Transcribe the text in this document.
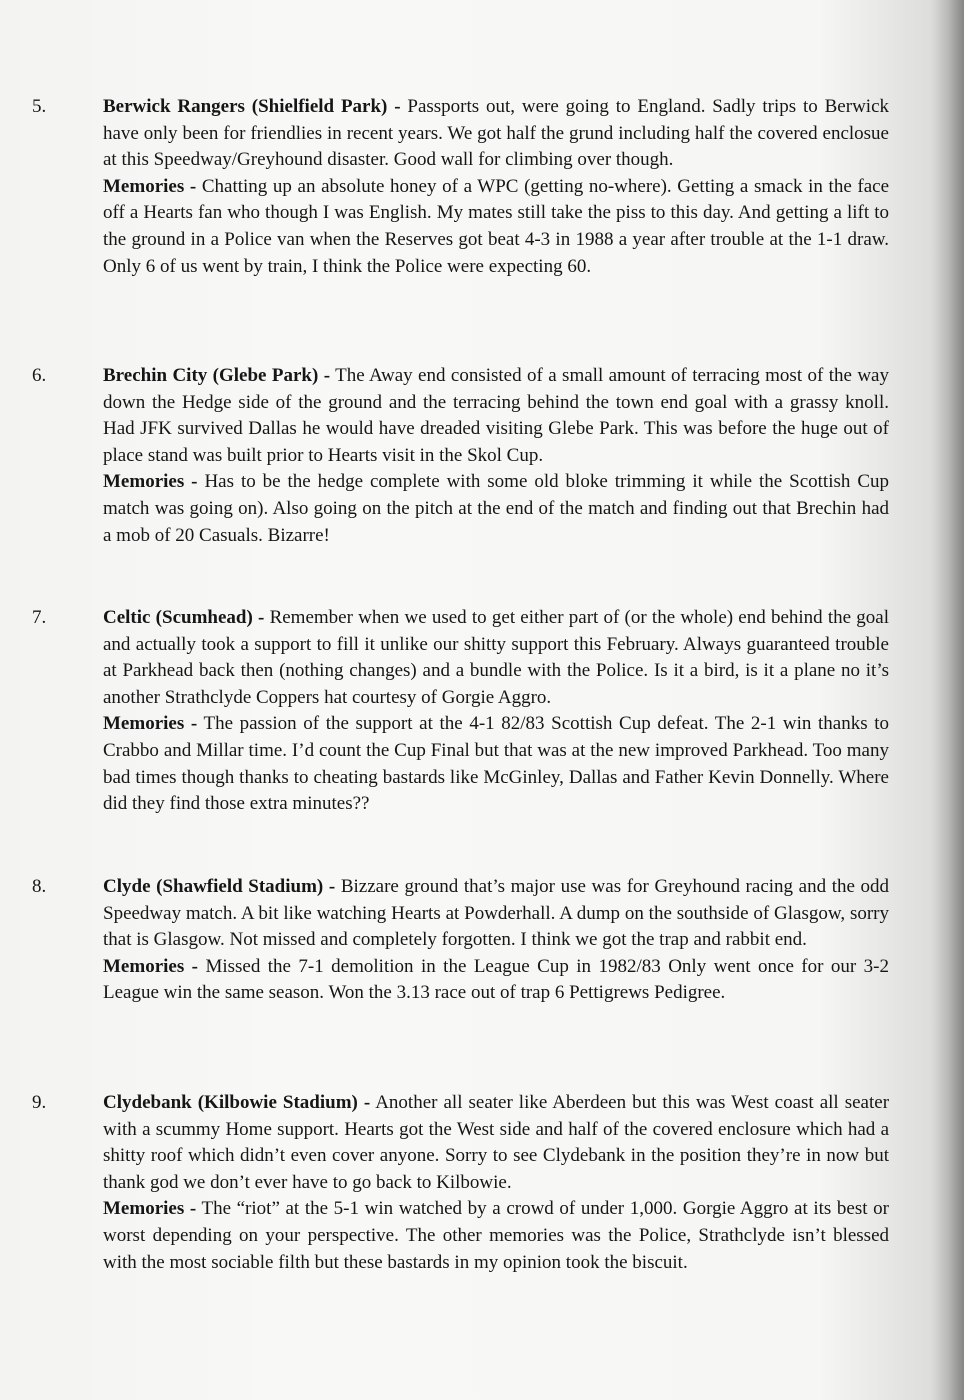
5.	Berwick Rangers (Shielfield Park) - Passports out, were going to England. Sadly trips to Berwick have only been for friendlies in recent years. We got half the grund including half the covered enclosue at this Speedway/Greyhound disaster. Good wall for climbing over though.

Memories - Chatting up an absolute honey of a WPC (getting no-where). Getting a smack in the face off a Hearts fan who though I was English. My mates still take the piss to this day. And getting a lift to the ground in a Police van when the Reserves got beat 4-3 in 1988 a year after trouble at the 1-1 draw. Only 6 of us went by train, I think the Police were expecting 60.

6.	Brechin City (Glebe Park) - The Away end consisted of a small amount of terracing most of the way down the Hedge side of the ground and the terracing behind the town end goal with a grassy knoll. Had JFK survived Dallas he would have dreaded visiting Glebe Park. This was before the huge out of place stand was built prior to Hearts visit in the Skol Cup.

Memories - Has to be the hedge complete with some old bloke trimming it while the Scottish Cup match was going on). Also going on the pitch at the end of the match and finding out that Brechin had a mob of 20 Casuals. Bizarre!

7.	Celtic (Scumhead) - Remember when we used to get either part of (or the whole) end behind the goal and actually took a support to fill it unlike our shitty support this February. Always guaranteed trouble at Parkhead back then (nothing changes) and a bundle with the Police. Is it a bird, is it a plane no it’s another Strathclyde Coppers hat courtesy of Gorgie Aggro.

Memories - The passion of the support at the 4-1 82/83 Scottish Cup defeat. The 2-1 win thanks to Crabbo and Millar time. I’d count the Cup Final but that was at the new improved Parkhead. Too many bad times though thanks to cheating bastards like McGinley, Dallas and Father Kevin Donnelly. Where did they find those extra minutes??

8.	Clyde (Shawfield Stadium) - Bizzare ground that’s major use was for Greyhound racing and the odd Speedway match. A bit like watching Hearts at Powderhall. A dump on the southside of Glasgow, sorry that is Glasgow. Not missed and completely forgotten. I think we got the trap and rabbit end.

Memories - Missed the 7-1 demolition in the League Cup in 1982/83 Only went once for our 3-2 League win the same season. Won the 3.13 race out of trap 6 Pettigrews Pedigree.

9.	Clydebank (Kilbowie Stadium) - Another all seater like Aberdeen but this was West coast all seater with a scummy Home support. Hearts got the West side and half of the covered enclosure which had a shitty roof which didn’t even cover anyone. Sorry to see Clydebank in the position they’re in now but thank god we don’t ever have to go back to Kilbowie.

Memories - The “riot” at the 5-1 win watched by a crowd of under 1,000. Gorgie Aggro at its best or worst depending on your perspective. The other memories was the Police, Strathclyde isn’t blessed with the most sociable filth but these bastards in my opinion took the biscuit.
